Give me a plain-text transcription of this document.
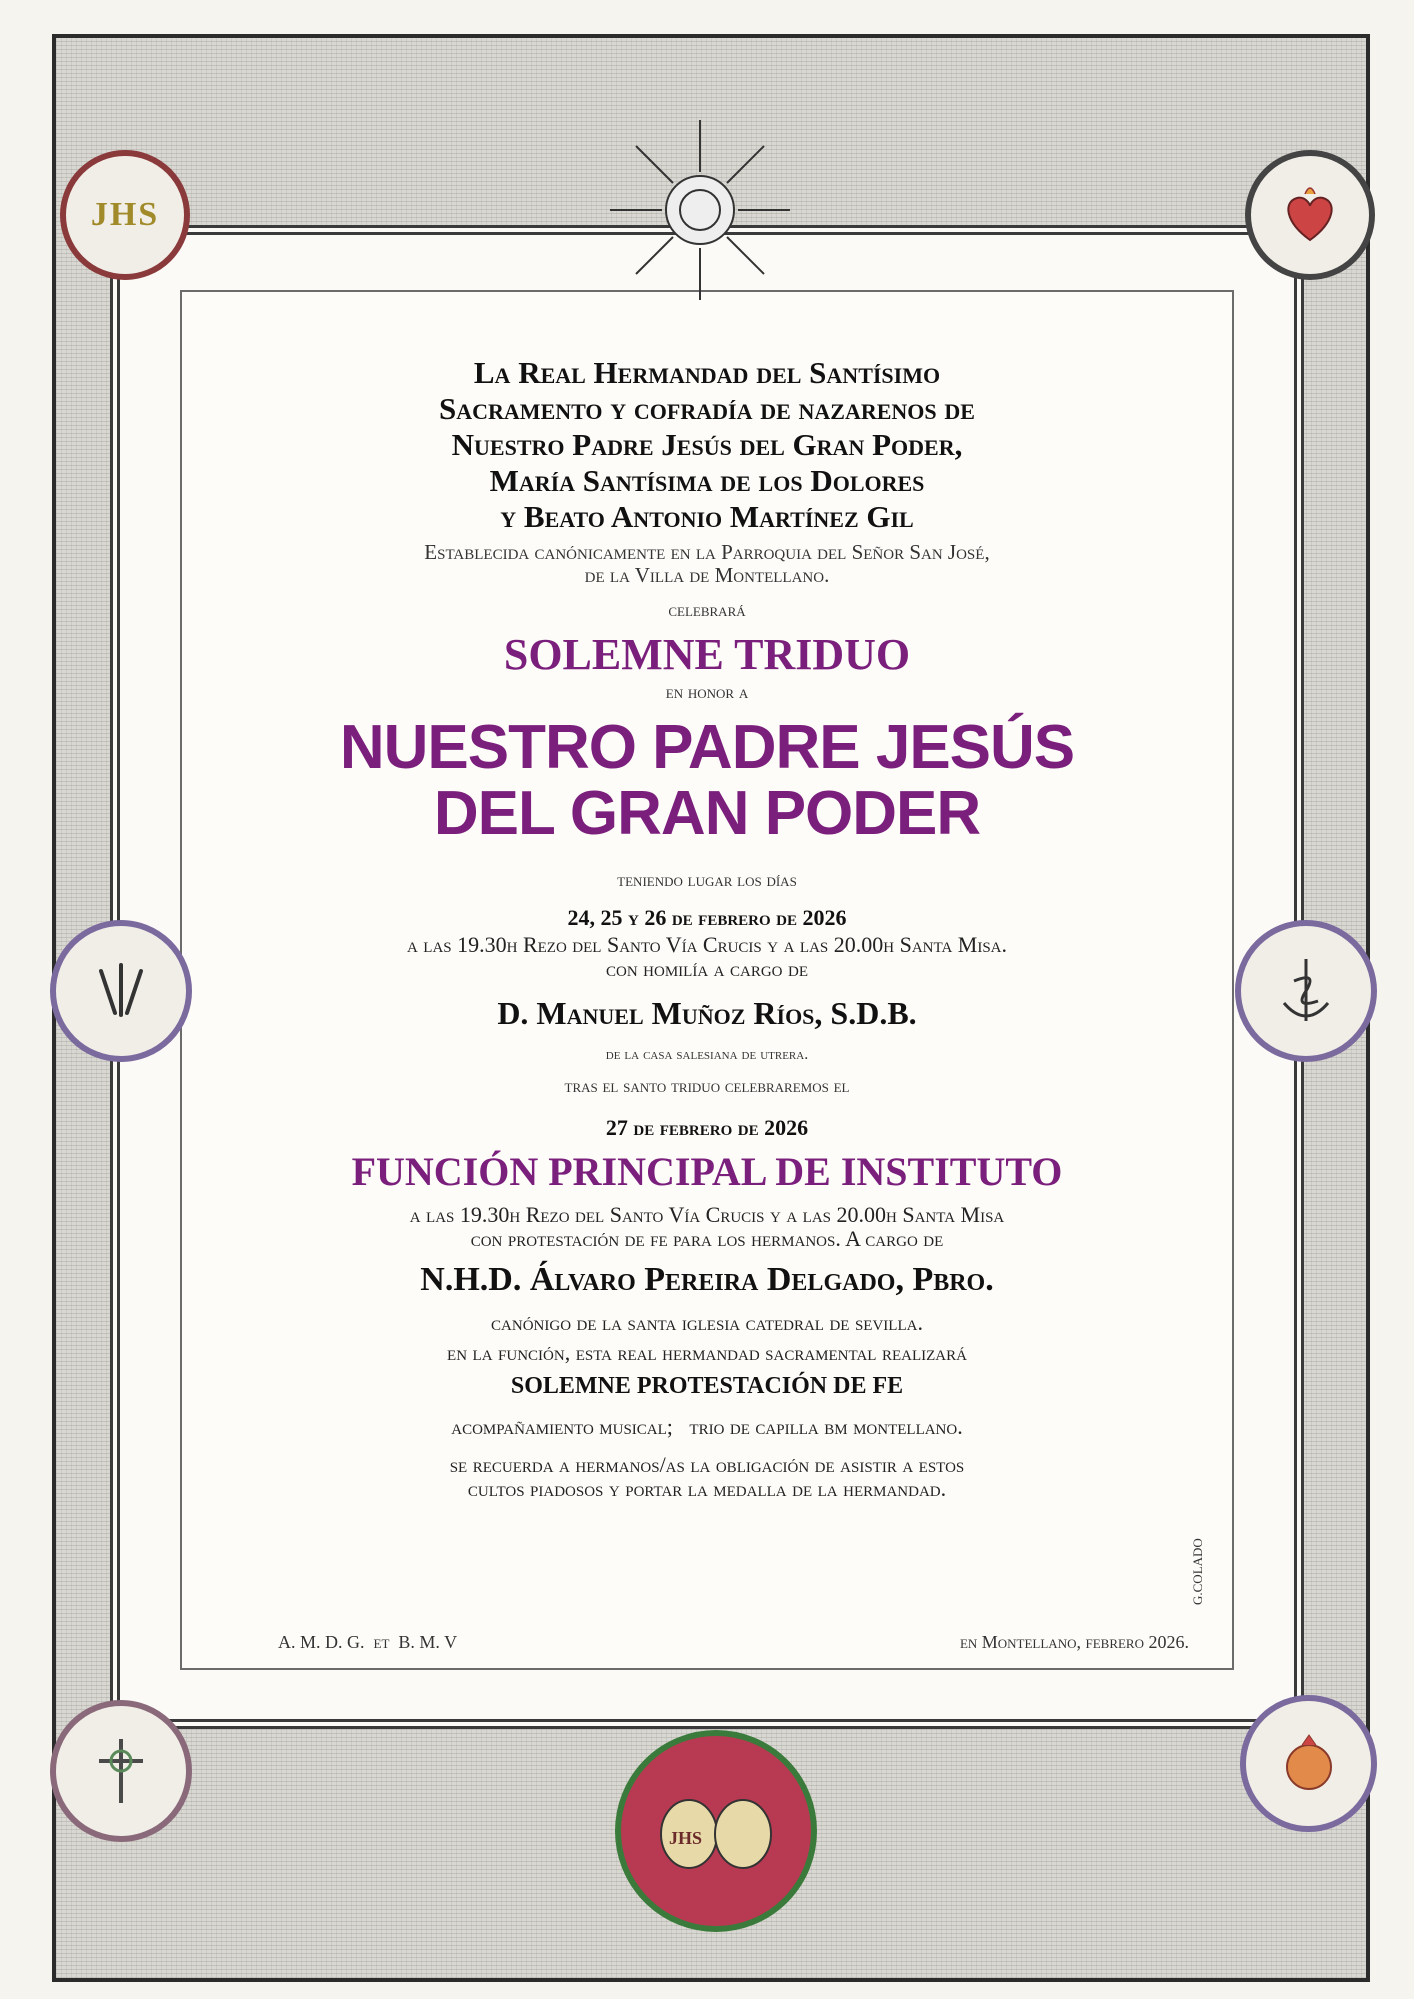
JHS
JHS
La Real Hermandad del Santísimo
Sacramento y cofradía de nazarenos de
Nuestro Padre Jesús del Gran Poder,
María Santísima de los Dolores
y Beato Antonio Martínez Gil
Establecida canónicamente en la Parroquia del Señor San José,
de la Villa de Montellano.
celebrará
SOLEMNE TRIDUO
en honor a
NUESTRO PADRE JESÚS
DEL GRAN PODER
teniendo lugar los días
24, 25 y 26 de febrero de 2026
a las 19.30h Rezo del Santo Vía Crucis y a las 20.00h Santa Misa.
con homilía a cargo de
D. Manuel Muñoz Ríos, S.D.B.
de la casa salesiana de utrera.
tras el santo triduo celebraremos el
27 de febrero de 2026
FUNCIÓN PRINCIPAL DE INSTITUTO
a las 19.30h Rezo del Santo Vía Crucis y a las 20.00h Santa Misa
con protestación de fe para los hermanos. A cargo de
N.H.D. Álvaro Pereira Delgado, Pbro.
canónigo de la santa iglesia catedral de sevilla.
en la función, esta real hermandad sacramental realizará
SOLEMNE PROTESTACIÓN DE FE
acompañamiento musical;   trio de capilla bm montellano.
se recuerda a hermanos/as la obligación de asistir a estos
cultos piadosos y portar la medalla de la hermandad.
A. M. D. G.  et  B. M. V	en Montellano, febrero 2026.
G.COLADO
